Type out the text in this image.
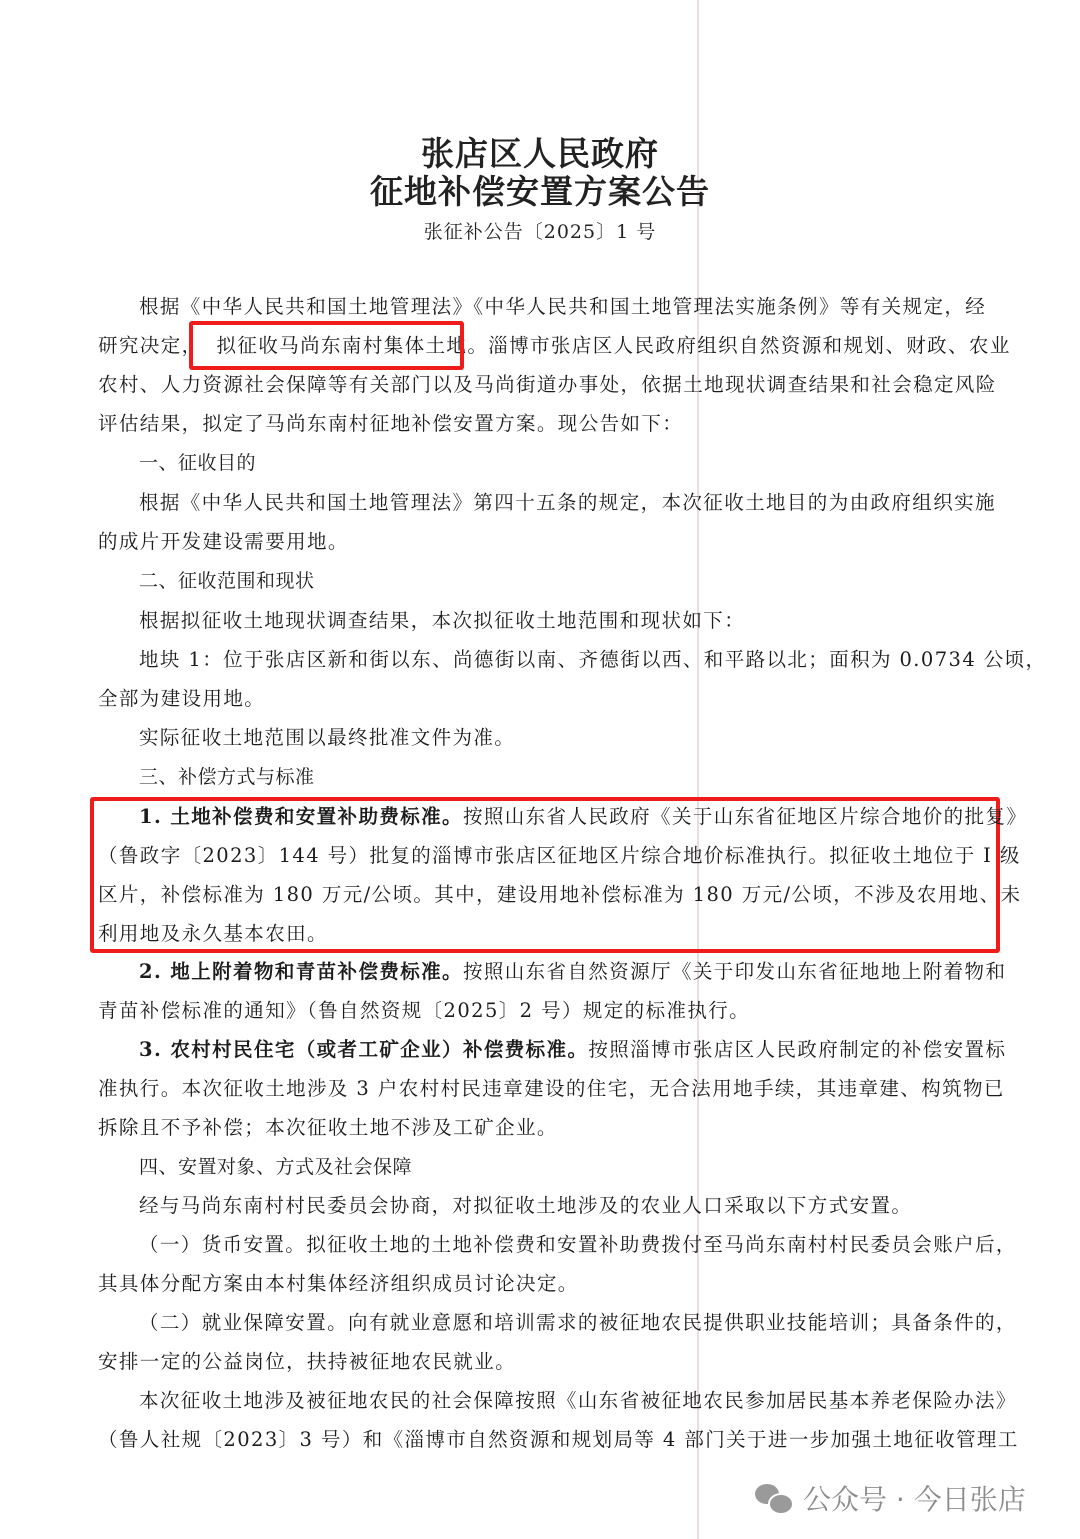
张店区人民政府
征地补偿安置方案公告
张征补公告〔2025〕1 号
根据《中华人民共和国土地管理法》《中华人民共和国土地管理法实施条例》等有关规定，经
研究决定， 拟征收马尚东南村集体土地。淄博市张店区人民政府组织自然资源和规划、财政、农业
农村、人力资源社会保障等有关部门以及马尚街道办事处，依据土地现状调查结果和社会稳定风险
评估结果，拟定了马尚东南村征地补偿安置方案。现公告如下：
一、征收目的
根据《中华人民共和国土地管理法》第四十五条的规定，本次征收土地目的为由政府组织实施
的成片开发建设需要用地。
二、征收范围和现状
根据拟征收土地现状调查结果，本次拟征收土地范围和现状如下：
地块 1：位于张店区新和街以东、尚德街以南、齐德街以西、和平路以北；面积为 0.0734 公顷，
全部为建设用地。
实际征收土地范围以最终批准文件为准。
三、补偿方式与标准
1. 土地补偿费和安置补助费标准。按照山东省人民政府《关于山东省征地区片综合地价的批复》
（鲁政字〔2023〕144 号）批复的淄博市张店区征地区片综合地价标准执行。拟征收土地位于 I 级
区片，补偿标准为 180 万元/公顷。其中，建设用地补偿标准为 180 万元/公顷，不涉及农用地、未
利用地及永久基本农田。
2. 地上附着物和青苗补偿费标准。按照山东省自然资源厅《关于印发山东省征地地上附着物和
青苗补偿标准的通知》（鲁自然资规〔2025〕2 号）规定的标准执行。
3. 农村村民住宅（或者工矿企业）补偿费标准。按照淄博市张店区人民政府制定的补偿安置标
准执行。本次征收土地涉及 3 户农村村民违章建设的住宅，无合法用地手续，其违章建、构筑物已
拆除且不予补偿；本次征收土地不涉及工矿企业。
四、安置对象、方式及社会保障
经与马尚东南村村民委员会协商，对拟征收土地涉及的农业人口采取以下方式安置。
（一）货币安置。拟征收土地的土地补偿费和安置补助费拨付至马尚东南村村民委员会账户后，
其具体分配方案由本村集体经济组织成员讨论决定。
（二）就业保障安置。向有就业意愿和培训需求的被征地农民提供职业技能培训；具备条件的，
安排一定的公益岗位，扶持被征地农民就业。
本次征收土地涉及被征地农民的社会保障按照《山东省被征地农民参加居民基本养老保险办法》
（鲁人社规〔2023〕3 号）和《淄博市自然资源和规划局等 4 部门关于进一步加强土地征收管理工
公众号 · 今日张店
